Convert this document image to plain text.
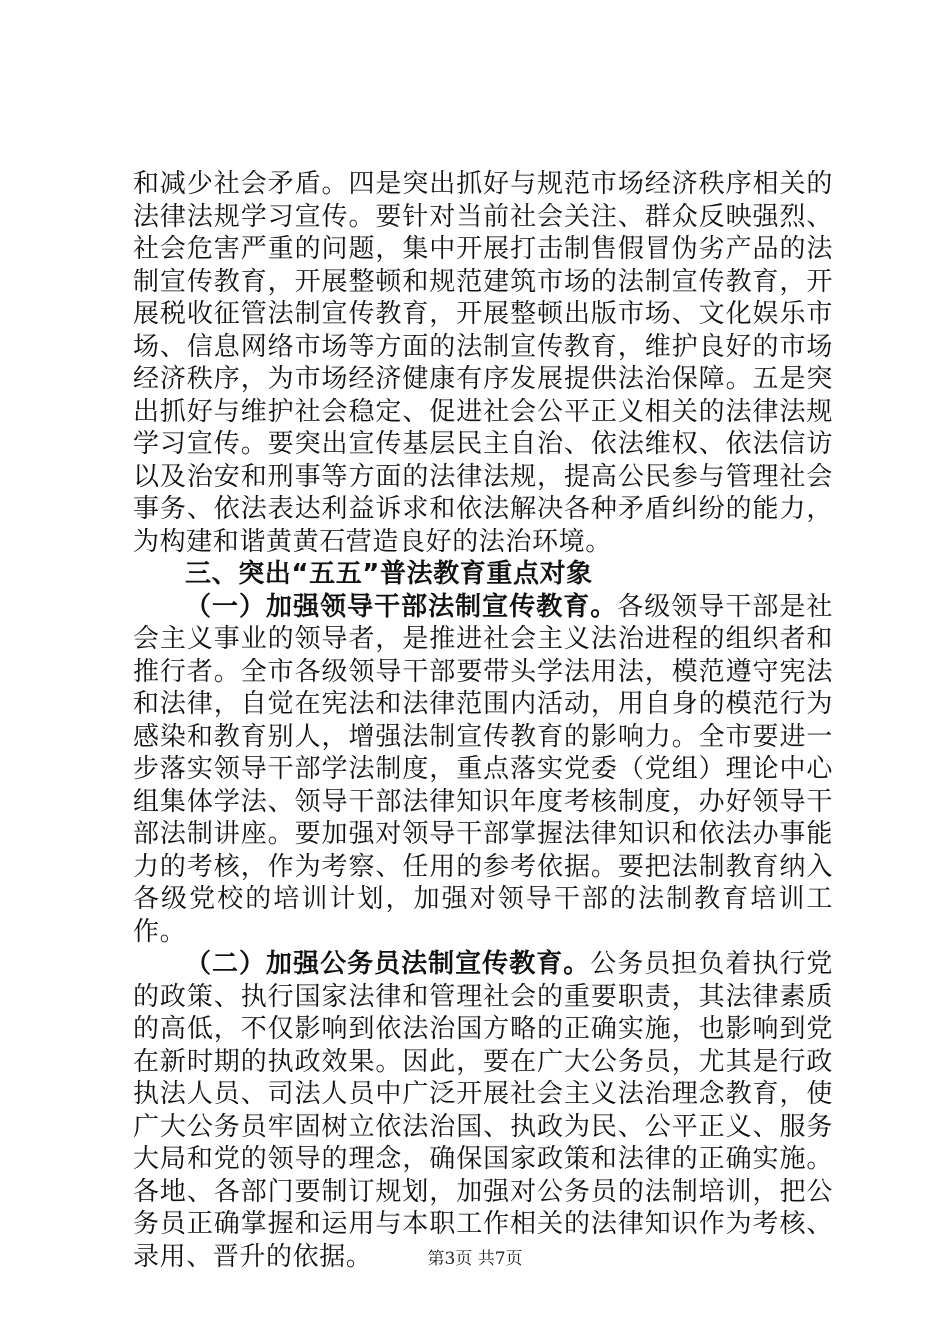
和减少社会矛盾。四是突出抓好与规范市场经济秩序相关的法律法规学习宣传。要针对当前社会关注、群众反映强烈、社会危害严重的问题，集中开展打击制售假冒伪劣产品的法制宣传教育，开展整顿和规范建筑市场的法制宣传教育，开展税收征管法制宣传教育，开展整顿出版市场、文化娱乐市场、信息网络市场等方面的法制宣传教育，维护良好的市场经济秩序，为市场经济健康有序发展提供法治保障。五是突出抓好与维护社会稳定、促进社会公平正义相关的法律法规学习宣传。要突出宣传基层民主自治、依法维权、依法信访以及治安和刑事等方面的法律法规，提高公民参与管理社会事务、依法表达利益诉求和依法解决各种矛盾纠纷的能力，为构建和谐黄黄石营造良好的法治环境。

三、突出“五五”普法教育重点对象

（一）加强领导干部法制宣传教育。各级领导干部是社会主义事业的领导者，是推进社会主义法治进程的组织者和推行者。全市各级领导干部要带头学法用法，模范遵守宪法和法律，自觉在宪法和法律范围内活动，用自身的模范行为感染和教育别人，增强法制宣传教育的影响力。全市要进一步落实领导干部学法制度，重点落实党委（党组）理论中心组集体学法、领导干部法律知识年度考核制度，办好领导干部法制讲座。要加强对领导干部掌握法律知识和依法办事能力的考核，作为考察、任用的参考依据。要把法制教育纳入各级党校的培训计划，加强对领导干部的法制教育培训工作。

（二）加强公务员法制宣传教育。公务员担负着执行党的政策、执行国家法律和管理社会的重要职责，其法律素质的高低，不仅影响到依法治国方略的正确实施，也影响到党在新时期的执政效果。因此，要在广大公务员，尤其是行政执法人员、司法人员中广泛开展社会主义法治理念教育，使广大公务员牢固树立依法治国、执政为民、公平正义、服务大局和党的领导的理念，确保国家政策和法律的正确实施。各地、各部门要制订规划，加强对公务员的法制培训，把公务员正确掌握和运用与本职工作相关的法律知识作为考核、录用、晋升的依据。	第3页 共7页
